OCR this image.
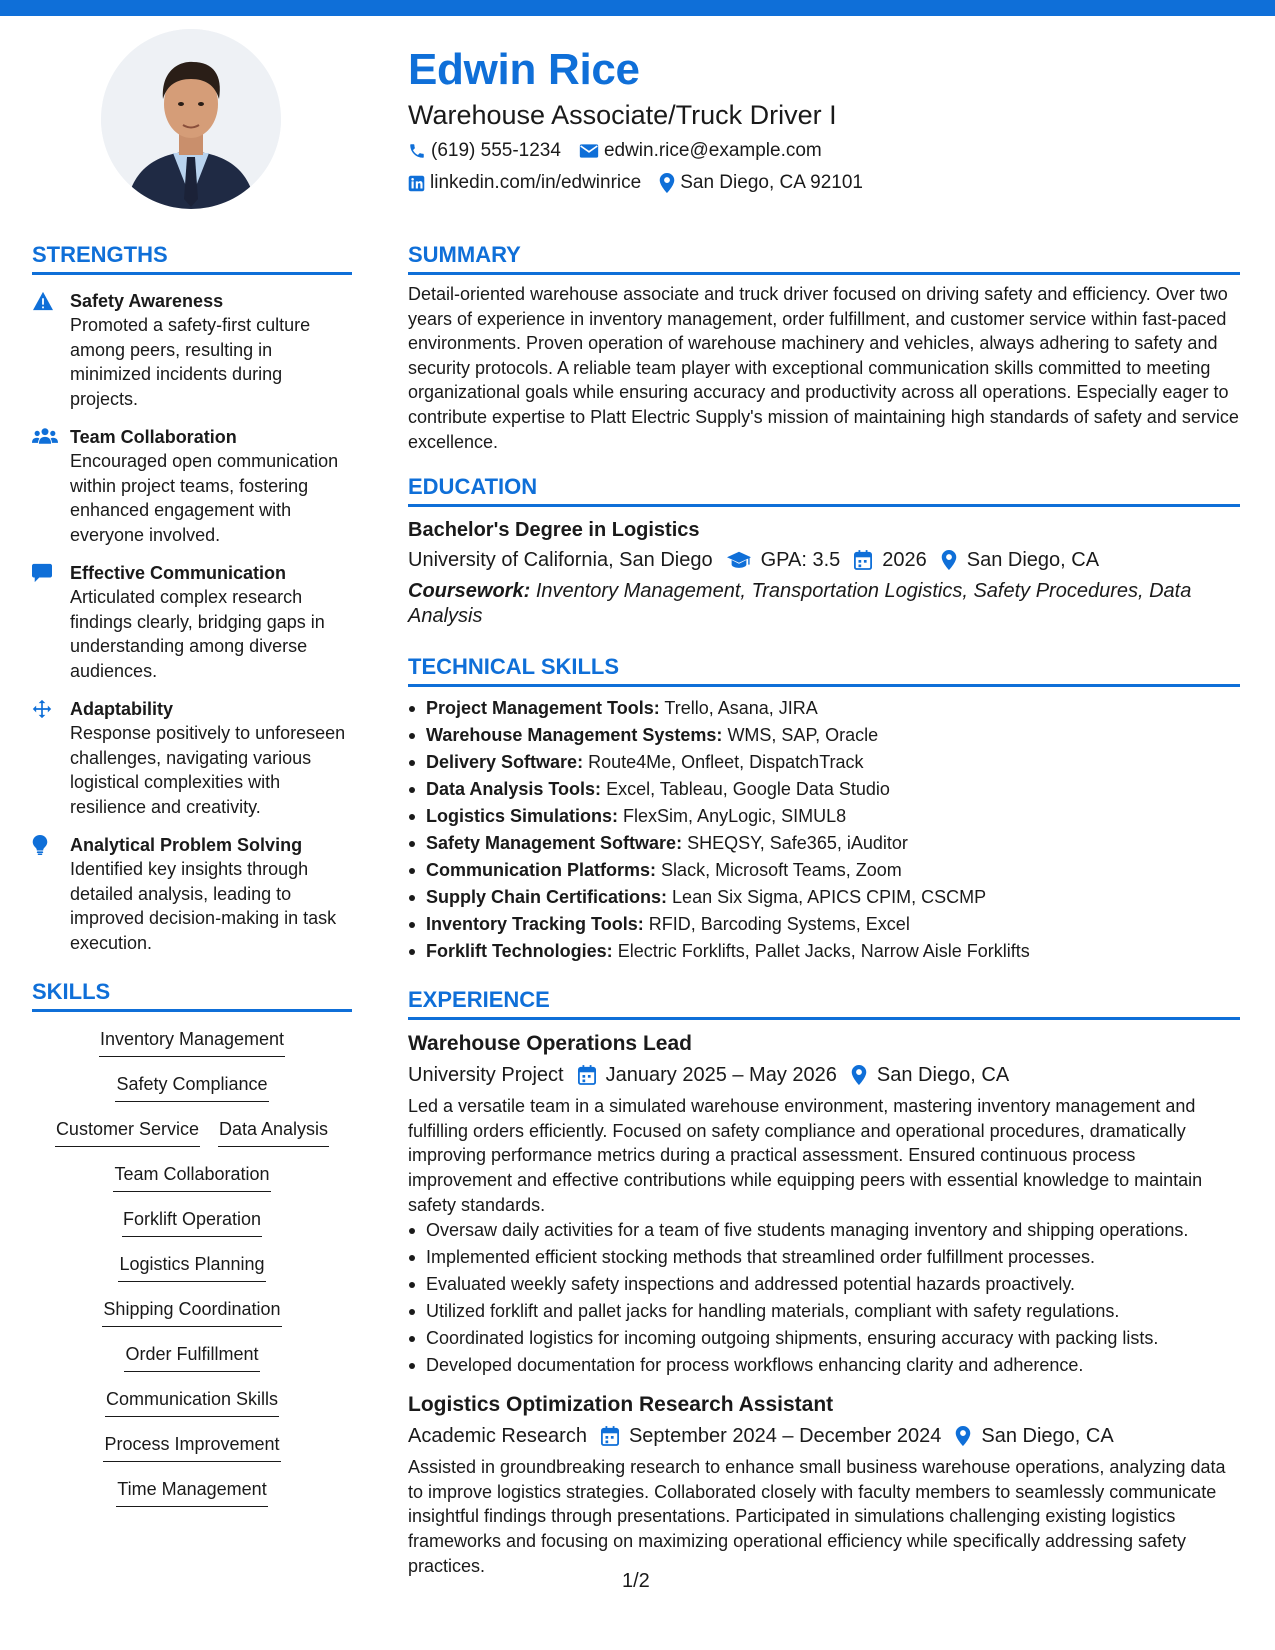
Edwin Rice
Warehouse Associate/Truck Driver I
(619) 555-1234 edwin.rice@example.com
linkedin.com/in/edwinrice San Diego, CA 92101
STRENGTHS
Safety Awareness
Promoted a safety-first culture among peers, resulting in minimized incidents during projects.
Team Collaboration
Encouraged open communication within project teams, fostering enhanced engagement with everyone involved.
Effective Communication
Articulated complex research findings clearly, bridging gaps in understanding among diverse audiences.
Adaptability
Response positively to unforeseen challenges, navigating various logistical complexities with resilience and creativity.
Analytical Problem Solving
Identified key insights through detailed analysis, leading to improved decision-making in task execution.
SKILLS
Inventory Management
Safety Compliance
Customer Service Data Analysis
Team Collaboration
Forklift Operation
Logistics Planning
Shipping Coordination
Order Fulfillment
Communication Skills
Process Improvement
Time Management
SUMMARY
Detail-oriented warehouse associate and truck driver focused on driving safety and efficiency. Over two years of experience in inventory management, order fulfillment, and customer service within fast-paced environments. Proven operation of warehouse machinery and vehicles, always adhering to safety and security protocols. A reliable team player with exceptional communication skills committed to meeting organizational goals while ensuring accuracy and productivity across all operations. Especially eager to contribute expertise to Platt Electric Supply's mission of maintaining high standards of safety and service excellence.
EDUCATION
Bachelor's Degree in Logistics
University of California, San Diego GPA: 3.5 2026 San Diego, CA
Coursework: Inventory Management, Transportation Logistics, Safety Procedures, Data Analysis
TECHNICAL SKILLS
Project Management Tools: Trello, Asana, JIRA
Warehouse Management Systems: WMS, SAP, Oracle
Delivery Software: Route4Me, Onfleet, DispatchTrack
Data Analysis Tools: Excel, Tableau, Google Data Studio
Logistics Simulations: FlexSim, AnyLogic, SIMUL8
Safety Management Software: SHEQSY, Safe365, iAuditor
Communication Platforms: Slack, Microsoft Teams, Zoom
Supply Chain Certifications: Lean Six Sigma, APICS CPIM, CSCMP
Inventory Tracking Tools: RFID, Barcoding Systems, Excel
Forklift Technologies: Electric Forklifts, Pallet Jacks, Narrow Aisle Forklifts
EXPERIENCE
Warehouse Operations Lead
University Project January 2025 – May 2026 San Diego, CA
Led a versatile team in a simulated warehouse environment, mastering inventory management and fulfilling orders efficiently. Focused on safety compliance and operational procedures, dramatically improving performance metrics during a practical assessment. Ensured continuous process improvement and effective contributions while equipping peers with essential knowledge to maintain safety standards.
Oversaw daily activities for a team of five students managing inventory and shipping operations.
Implemented efficient stocking methods that streamlined order fulfillment processes.
Evaluated weekly safety inspections and addressed potential hazards proactively.
Utilized forklift and pallet jacks for handling materials, compliant with safety regulations.
Coordinated logistics for incoming outgoing shipments, ensuring accuracy with packing lists.
Developed documentation for process workflows enhancing clarity and adherence.
Logistics Optimization Research Assistant
Academic Research September 2024 – December 2024 San Diego, CA
Assisted in groundbreaking research to enhance small business warehouse operations, analyzing data to improve logistics strategies. Collaborated closely with faculty members to seamlessly communicate insightful findings through presentations. Participated in simulations challenging existing logistics frameworks and focusing on maximizing operational efficiency while specifically addressing safety practices.
1/2
